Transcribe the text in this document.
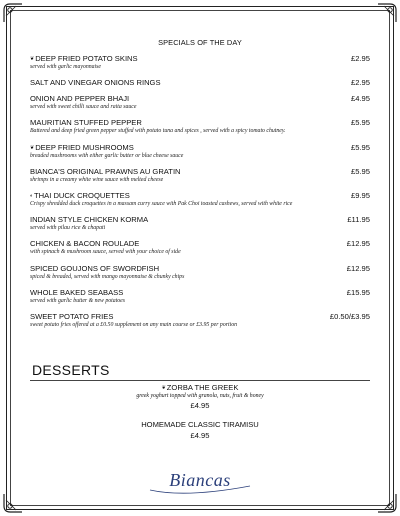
SPECIALS OF THE DAY
❦DEEP FRIED POTATO SKINS	£2.95
served with garlic mayonnaise
SALT AND VINEGAR ONIONS RINGS	£2.95
ONION AND PEPPER BHAJI	£4.95
served with sweet chilli sauce and raita sauce
MAURITIAN STUFFED PEPPER	£5.95
Battered and deep fried green pepper stuffed with potato tuna and spices , served with a spicy tomato chutney.
❦DEEP FRIED MUSHROOMS	£5.95
breaded mushrooms with either garlic butter or blue cheese sauce
BIANCA'S ORIGINAL PRAWNS AU GRATIN	£5.95
shrimps in a creamy white wine sauce with melted cheese
◐THAI DUCK CROQUETTES	£9.95
Crispy shredded duck croquettes in a massam curry sauce with Pak Choi toasted cashews, served with white rice
INDIAN STYLE CHICKEN KORMA	£11.95
served with pilau rice & chapati
CHICKEN & BACON ROULADE	£12.95
with spinach & mushroom sauce, served with your choice of side
SPICED GOUJONS OF SWORDFISH	£12.95
spiced & breaded, served with mango mayonnaise & chunky chips
WHOLE BAKED SEABASS	£15.95
served with garlic butter & new potatoes
SWEET POTATO FRIES	£0.50/£3.95
sweet potato fries offered at a £0.50 supplement on any main course or £3.95 per portion
DESSERTS
❦ZORBA THE GREEK
greek yoghurt topped with granola, nuts, fruit & honey
£4.95
HOMEMADE CLASSIC TIRAMISU
£4.95
Biancas
